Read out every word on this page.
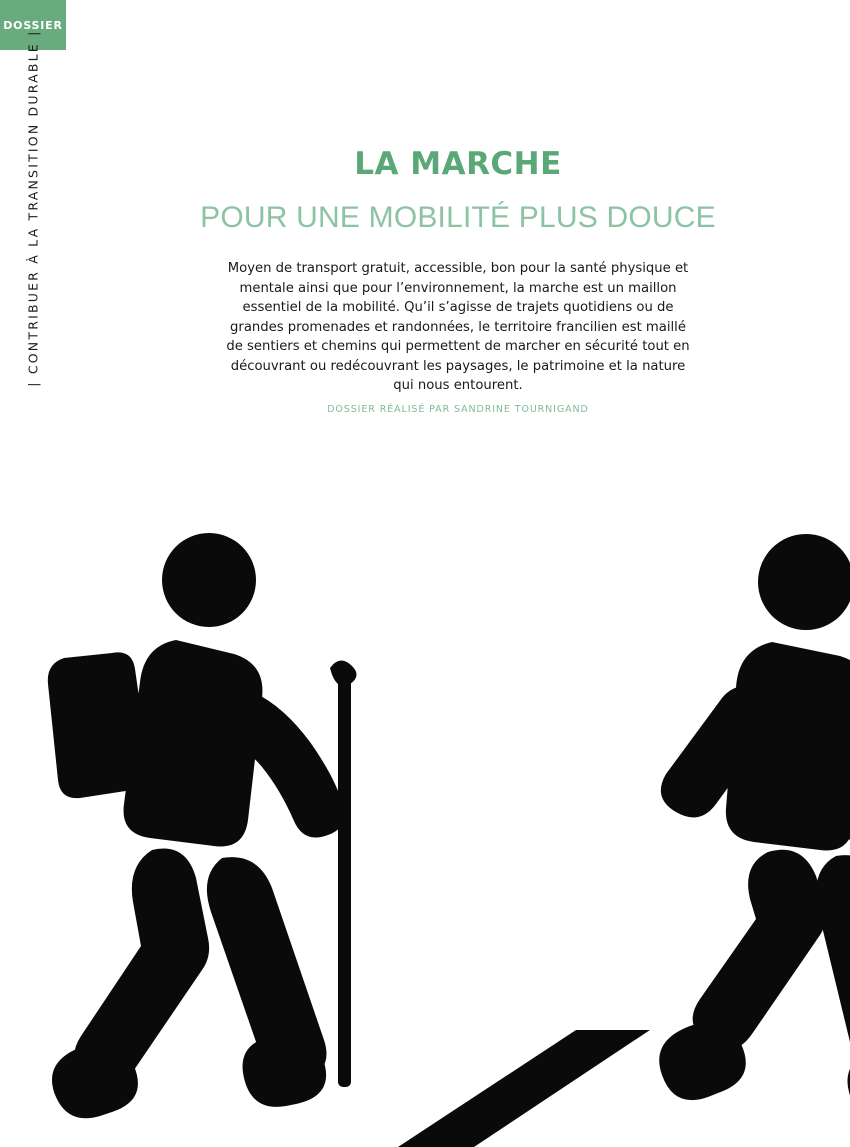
DOSSIER
| CONTRIBUER À LA TRANSITION DURABLE |	LA MARCHE
POUR UNE MOBILITÉ PLUS DOUCE

Moyen de transport gratuit, accessible, bon pour la santé physique et mentale ainsi que pour l’environnement, la marche est un maillon essentiel de la mobilité. Qu’il s’agisse de trajets quotidiens ou de grandes promenades et randonnées, le territoire francilien est maillé de sentiers et chemins qui permettent de marcher en sécurité tout en découvrant ou redécouvrant les paysages, le patrimoine et la nature qui nous entourent.

DOSSIER RÉALISÉ PAR SANDRINE TOURNIGAND
